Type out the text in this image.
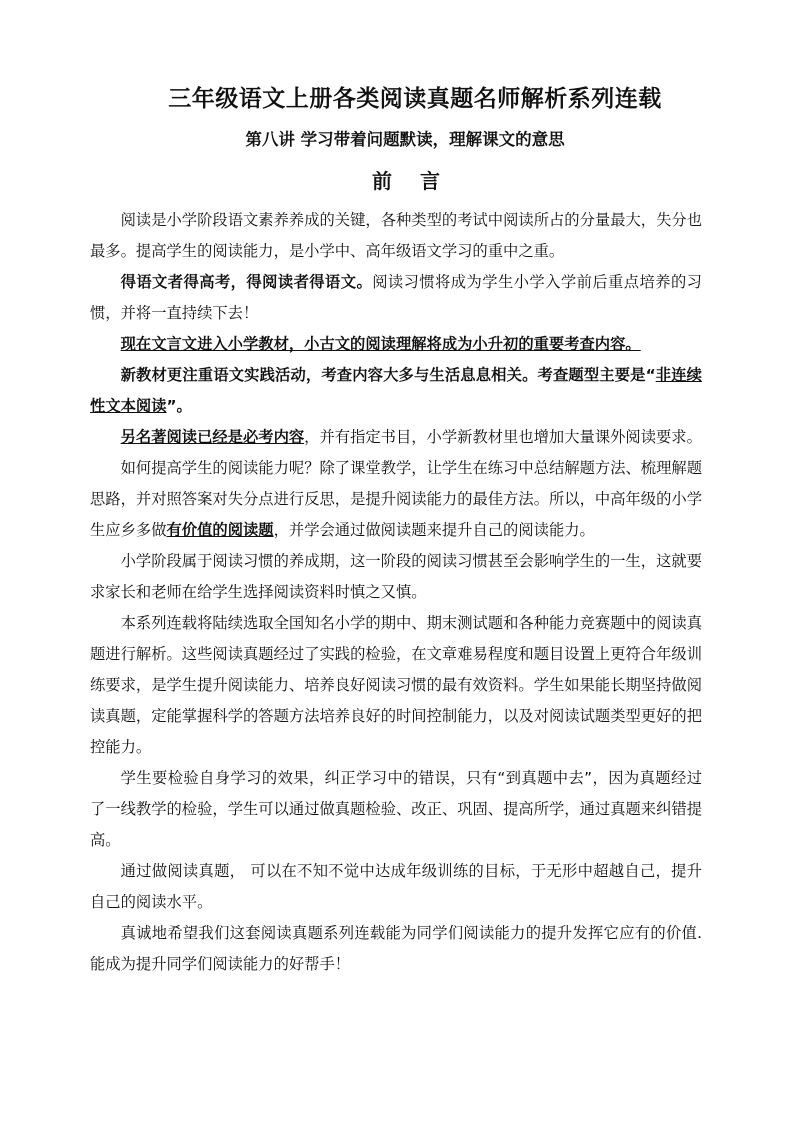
三年级语文上册各类阅读真题名师解析系列连载
第八讲 学习带着问题默读，理解课文的意思
前言

阅读是小学阶段语文素养养成的关键，各种类型的考试中阅读所占的分量最大，失分也最多。提高学生的阅读能力，是小学中、高年级语文学习的重中之重。

得语文者得高考，得阅读者得语文。阅读习惯将成为学生小学入学前后重点培养的习惯，并将一直持续下去！

现在文言文进入小学教材，小古文的阅读理解将成为小升初的重要考查内容。

新教材更注重语文实践活动，考查内容大多与生活息息相关。考查题型主要是“非连续性文本阅读”。

另名著阅读已经是必考内容，并有指定书目，小学新教材里也增加大量课外阅读要求。

如何提高学生的阅读能力呢？除了课堂教学，让学生在练习中总结解题方法、梳理解题思路，并对照答案对失分点进行反思，是提升阅读能力的最佳方法。所以，中高年级的小学生应乡多做有价值的阅读题，并学会通过做阅读题来提升自己的阅读能力。

小学阶段属于阅读习惯的养成期，这一阶段的阅读习惯甚至会影响学生的一生，这就要求家长和老师在给学生选择阅读资料时慎之又慎。

本系列连载将陆续选取全国知名小学的期中、期末测试题和各种能力竞赛题中的阅读真题进行解析。这些阅读真题经过了实践的检验，在文章难易程度和题目设置上更符合年级训练要求，是学生提升阅读能力、培养良好阅读习惯的最有效资料。学生如果能长期坚持做阅读真题，定能掌握科学的答题方法培养良好的时间控制能力，以及对阅读试题类型更好的把控能力。

学生要检验自身学习的效果，纠正学习中的错误，只有“到真题中去”，因为真题经过了一线教学的检验，学生可以通过做真题检验、改正、巩固、提高所学，通过真题来纠错提高。

通过做阅读真题， 可以在不知不觉中达成年级训练的目标，于无形中超越自己，提升自己的阅读水平。

真诚地希望我们这套阅读真题系列连载能为同学们阅读能力的提升发挥它应有的价值.能成为提升同学们阅读能力的好帮手！
